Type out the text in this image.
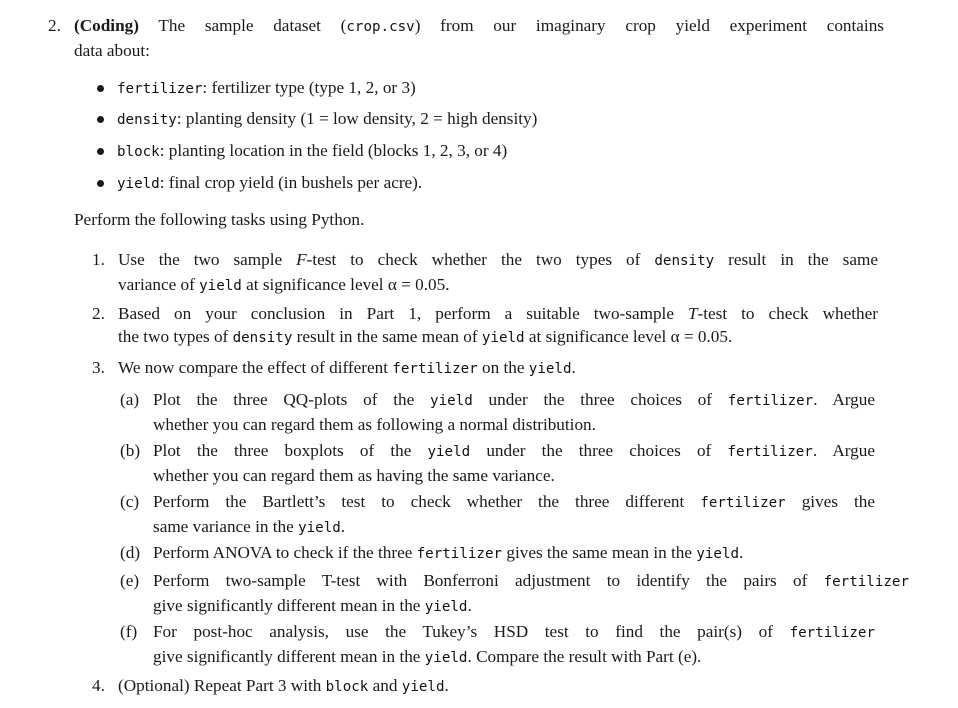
2. (Coding) The sample dataset (crop.csv) from our imaginary crop yield experiment contains
data about:
fertilizer: fertilizer type (type 1, 2, or 3)
density: planting density (1 = low density, 2 = high density)
block: planting location in the field (blocks 1, 2, 3, or 4)
yield: final crop yield (in bushels per acre).
Perform the following tasks using Python.
1. Use the two sample F-test to check whether the two types of density result in the same
variance of yield at significance level α = 0.05.
2. Based on your conclusion in Part 1, perform a suitable two-sample T-test to check whether
the two types of density result in the same mean of yield at significance level α = 0.05.
3. We now compare the effect of different fertilizer on the yield.
(a) Plot the three QQ-plots of the yield under the three choices of fertilizer. Argue
whether you can regard them as following a normal distribution.
(b) Plot the three boxplots of the yield under the three choices of fertilizer. Argue
whether you can regard them as having the same variance.
(c) Perform the Bartlett’s test to check whether the three different fertilizer gives the
same variance in the yield.
(d) Perform ANOVA to check if the three fertilizer gives the same mean in the yield.
(e) Perform two-sample T-test with Bonferroni adjustment to identify the pairs of fertilizer
give significantly different mean in the yield.
(f) For post-hoc analysis, use the Tukey’s HSD test to find the pair(s) of fertilizer
give significantly different mean in the yield. Compare the result with Part (e).
4. (Optional) Repeat Part 3 with block and yield.
